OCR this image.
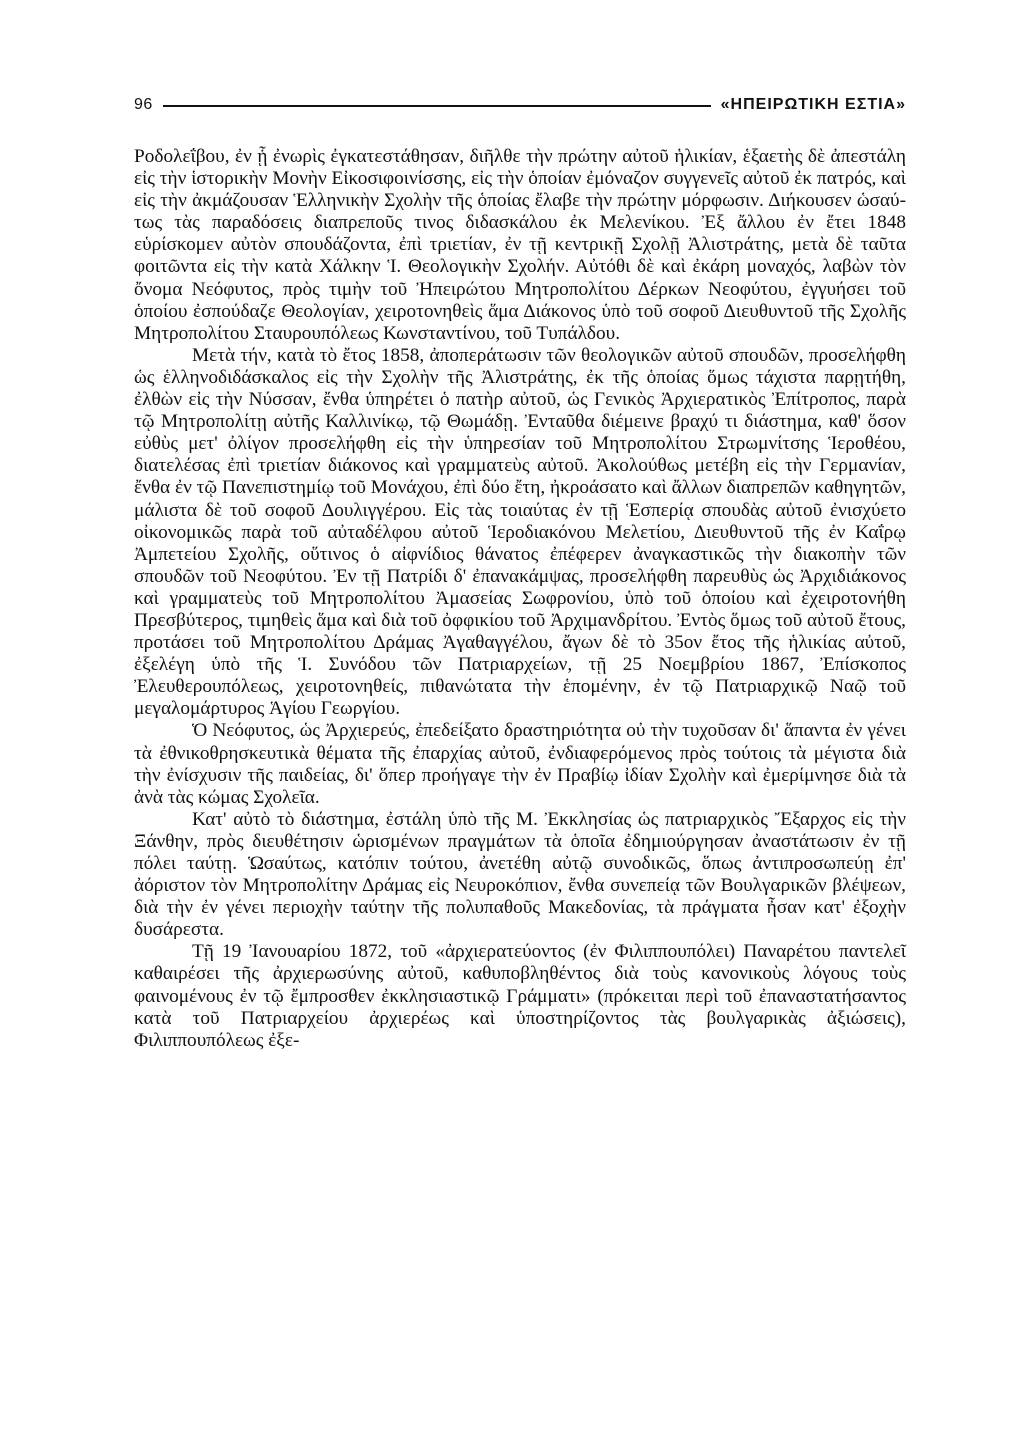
96	«ΗΠΕΙΡΩΤΙΚΗ ΕΣΤΙΑ»

Ροδολεΐβου, ἐν ᾗ ἐνωρὶς ἐγκατεστάθησαν, διῆλθε τὴν πρώτην αὐτοῦ ἡλικίαν, ἑξαετὴς δὲ ἀπεστάλη εἰς τὴν ἱστορικὴν Μονὴν Εἰκοσιφοινίσσης, εἰς τὴν ὁποίαν ἐμόναζον συγγενεῖς αὐτοῦ ἐκ πατρός, καὶ εἰς τὴν ἀκμάζουσαν Ἑλληνικὴν Σχολὴν τῆς ὁποίας ἔλαβε τὴν πρώτην μόρφωσιν. Διήκουσεν ὡσαύτως τὰς παραδόσεις διαπρεποῦς τινος διδασκάλου ἐκ Μελενίκου. Ἐξ ἄλλου ἐν ἔτει 1848 εὑρίσκομεν αὐτὸν σπουδάζοντα, ἐπὶ τριετίαν, ἐν τῇ κεντρικῇ Σχολῇ Ἀλιστράτης, μετὰ δὲ ταῦτα φοιτῶντα εἰς τὴν κατὰ Χάλκην Ἱ. Θεολογικὴν Σχολήν. Αὐτόθι δὲ καὶ ἐκάρη μοναχός, λαβὼν τὸν ὄνομα Νεόφυτος, πρὸς τιμὴν τοῦ Ἠπειρώτου Μητροπολίτου Δέρκων Νεοφύτου, ἐγγυήσει τοῦ ὁποίου ἐσπούδαζε Θεολογίαν, χειροτονηθεὶς ἅμα Διάκονος ὑπὸ τοῦ σοφοῦ Διευθυντοῦ τῆς Σχολῆς Μητροπολίτου Σταυρουπόλεως Κωνσταντίνου, τοῦ Τυπάλδου.

Μετὰ τήν, κατὰ τὸ ἔτος 1858, ἀποπεράτωσιν τῶν θεολογικῶν αὐτοῦ σπουδῶν, προσελήφθη ὡς ἑλληνοδιδάσκαλος εἰς τὴν Σχολὴν τῆς Ἀλιστράτης, ἐκ τῆς ὁποίας ὅμως τάχιστα παρῃτήθη, ἐλθὼν εἰς τὴν Νύσσαν, ἔνθα ὑπηρέτει ὁ πατὴρ αὐτοῦ, ὡς Γενικὸς Ἀρχιερατικὸς Ἐπίτροπος, παρὰ τῷ Μητροπολίτῃ αὐτῆς Καλλινίκῳ, τῷ Θωμάδῃ. Ἐνταῦθα διέμεινε βραχύ τι διάστημα, καθ' ὅσον εὐθὺς μετ' ὀλίγον προσελήφθη εἰς τὴν ὑπηρεσίαν τοῦ Μητροπολίτου Στρωμνίτσης Ἱεροθέου, διατελέσας ἐπὶ τριετίαν διάκονος καὶ γραμματεὺς αὐτοῦ. Ἀκολούθως μετέβη εἰς τὴν Γερμανίαν, ἔνθα ἐν τῷ Πανεπιστημίῳ τοῦ Μονάχου, ἐπὶ δύο ἔτη, ἠκροάσατο καὶ ἄλλων διαπρεπῶν καθηγητῶν, μάλιστα δὲ τοῦ σοφοῦ Δουλιγγέρου. Εἰς τὰς τοιαύτας ἐν τῇ Ἑσπερίᾳ σπουδὰς αὐτοῦ ἐνισχύετο οἰκονομικῶς παρὰ τοῦ αὐταδέλφου αὐτοῦ Ἱεροδιακόνου Μελετίου, Διευθυντοῦ τῆς ἐν Καΐρῳ Ἀμπετείου Σχολῆς, οὕτινος ὁ αἰφνίδιος θάνατος ἐπέφερεν ἀναγκαστικῶς τὴν διακοπὴν τῶν σπουδῶν τοῦ Νεοφύτου. Ἐν τῇ Πατρίδι δ' ἐπανακάμψας, προσελήφθη παρευθὺς ὡς Ἀρχιδιάκονος καὶ γραμματεὺς τοῦ Μητροπολίτου Ἀμασείας Σωφρονίου, ὑπὸ τοῦ ὁποίου καὶ ἐχειροτονήθη Πρεσβύτερος, τιμηθεὶς ἅμα καὶ διὰ τοῦ ὀφφικίου τοῦ Ἀρχιμανδρίτου. Ἐντὸς ὅμως τοῦ αὐτοῦ ἔτους, προτάσει τοῦ Μητροπολίτου Δράμας Ἀγαθαγγέλου, ἄγων δὲ τὸ 35ον ἔτος τῆς ἡλικίας αὐτοῦ, ἐξελέγη ὑπὸ τῆς Ἱ. Συνόδου τῶν Πατριαρχείων, τῇ 25 Νοεμβρίου 1867, Ἐπίσκοπος Ἐλευθερουπόλεως, χειροτονηθείς, πιθανώτατα τὴν ἑπομένην, ἐν τῷ Πατριαρχικῷ Ναῷ τοῦ μεγαλομάρτυρος Ἁγίου Γεωργίου.

Ὁ Νεόφυτος, ὡς Ἀρχιερεύς, ἐπεδείξατο δραστηριότητα οὐ τὴν τυχοῦσαν δι' ἅπαντα ἐν γένει τὰ ἐθνικοθρησκευτικὰ θέματα τῆς ἐπαρχίας αὐτοῦ, ἐνδιαφερόμενος πρὸς τούτοις τὰ μέγιστα διὰ τὴν ἐνίσχυσιν τῆς παιδείας, δι' ὅπερ προήγαγε τὴν ἐν Πραβίῳ ἰδίαν Σχολὴν καὶ ἐμερίμνησε διὰ τὰ ἀνὰ τὰς κώμας Σχολεῖα.

Κατ' αὐτὸ τὸ διάστημα, ἐστάλη ὑπὸ τῆς Μ. Ἐκκλησίας ὡς πατριαρχικὸς Ἔξαρχος εἰς τὴν Ξάνθην, πρὸς διευθέτησιν ὡρισμένων πραγμάτων τὰ ὁποῖα ἐδημιούργησαν ἀναστάτωσιν ἐν τῇ πόλει ταύτῃ. Ὡσαύτως, κατόπιν τούτου, ἀνετέθη αὐτῷ συνοδικῶς, ὅπως ἀντιπροσωπεύῃ ἐπ' ἀόριστον τὸν Μητροπολίτην Δράμας εἰς Νευροκόπιον, ἔνθα συνεπείᾳ τῶν Βουλγαρικῶν βλέψεων, διὰ τὴν ἐν γένει περιοχὴν ταύτην τῆς πολυπαθοῦς Μακεδονίας, τὰ πράγματα ἦσαν κατ' ἐξοχὴν δυσάρεστα.

Τῇ 19 Ἰανουαρίου 1872, τοῦ «ἀρχιερατεύοντος (ἐν Φιλιππουπόλει) Παναρέτου παντελεῖ καθαιρέσει τῆς ἀρχιερωσύνης αὐτοῦ, καθυποβληθέντος διὰ τοὺς κανονικοὺς λόγους τοὺς φαινομένους ἐν τῷ ἔμπροσθεν ἐκκλησιαστικῷ Γράμματι» (πρόκειται περὶ τοῦ ἐπαναστατήσαντος κατὰ τοῦ Πατριαρχείου ἀρχιερέως καὶ ὑποστηρίζοντος τὰς βουλγαρικὰς ἀξιώσεις), Φιλιππουπόλεως ἐξε-
